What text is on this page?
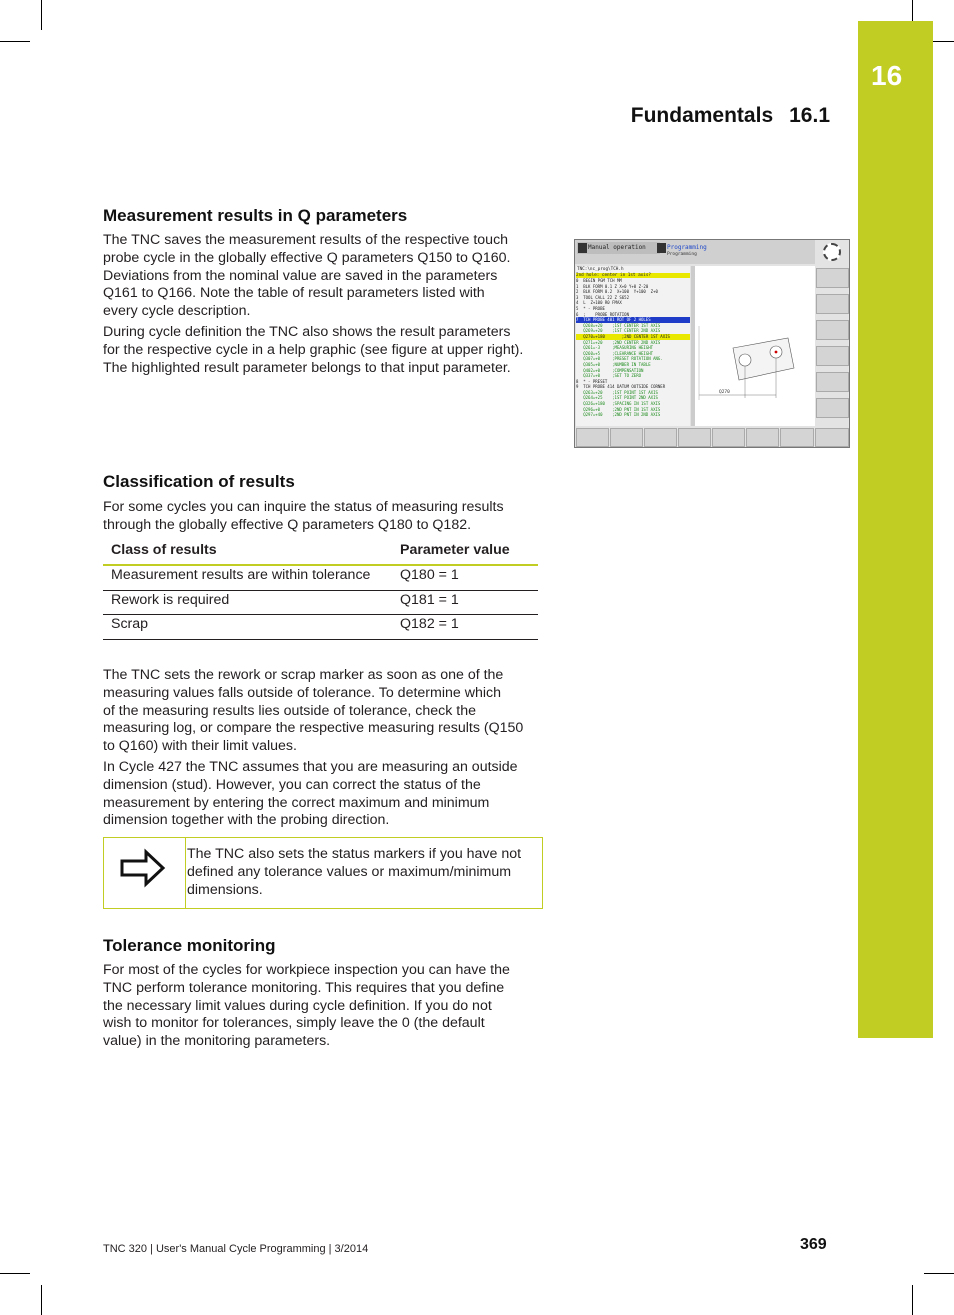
16
Fundamentals 16.1
Measurement results in Q parameters
The TNC saves the measurement results of the respective touch
probe cycle in the globally effective Q parameters Q150 to Q160.
Deviations from the nominal value are saved in the parameters
Q161 to Q166. Note the table of result parameters listed with
every cycle description.
During cycle definition the TNC also shows the result parameters
for the respective cycle in a help graphic (see figure at upper right).
The highlighted result parameter belongs to that input parameter.
Manual operation	Programming
Programming
TNC:\nc_prog\TCH.h
2nd hole: center in 1st axis?
0  BEGIN PGM TCH MM
1  BLK FORM 0.1 Z X+0 Y+0 Z-20
2  BLK FORM 0.2  X+100  Y+100  Z+0
3  TOOL CALL 22 Z S652
4  L  Z+100 R0 FMAX
5  * - PROBE
6  ;    PROBE ROTATION
7  TCH PROBE 401 ROT OF 2 HOLES
Q268=+20    ;1ST CENTER 1ST AXIS
Q269=+20    ;1ST CENTER 2ND AXIS
Q270=+180       ;2ND CENTER 1ST AXIS
Q271=+20    ;2ND CENTER 2ND AXIS
Q261=-3     ;MEASURING HEIGHT
Q260=+5     ;CLEARANCE HEIGHT
Q307=+0     ;PRESET ROTATION ANG.
Q305=+0     ;NUMBER IN TABLE
Q402=+0     ;COMPENSATION
Q337=+0     ;SET TO ZERO
8  * - PRESET
9  TCH PROBE 414 DATUM OUTSIDE CORNER
Q263=+20    ;1ST POINT 1ST AXIS
Q264=+25    ;1ST POINT 2ND AXIS
Q326=+180   ;SPACING IN 1ST AXIS
Q296=+0     ;2ND PNT IN 1ST AXIS
Q297=+40    ;2ND PNT IN 2ND AXIS
Q270
Classification of results
For some cycles you can inquire the status of measuring results
through the globally effective Q parameters Q180 to Q182.
Class of results	Parameter value
Measurement results are within tolerance	Q180 = 1
Rework is required	Q181 = 1
Scrap	Q182 = 1
The TNC sets the rework or scrap marker as soon as one of the
measuring values falls outside of tolerance. To determine which
of the measuring results lies outside of tolerance, check the
measuring log, or compare the respective measuring results (Q150
to Q160) with their limit values.
In Cycle 427 the TNC assumes that you are measuring an outside
dimension (stud). However, you can correct the status of the
measurement by entering the correct maximum and minimum
dimension together with the probing direction.
The TNC also sets the status markers if you have not
defined any tolerance values or maximum/minimum
dimensions.
Tolerance monitoring
For most of the cycles for workpiece inspection you can have the
TNC perform tolerance monitoring. This requires that you define
the necessary limit values during cycle definition. If you do not
wish to monitor for tolerances, simply leave the 0 (the default
value) in the monitoring parameters.
TNC 320 | User's Manual Cycle Programming | 3/2014	369
